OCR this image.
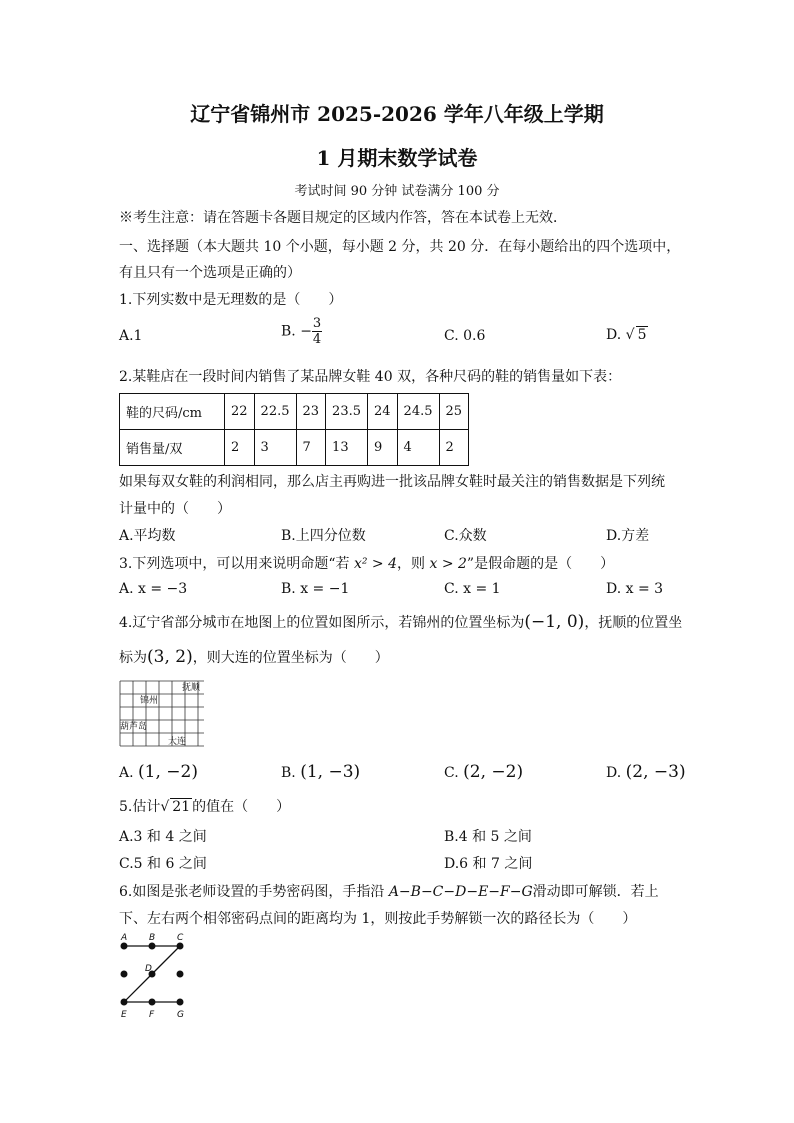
辽宁省锦州市 2025-2026 学年八年级上学期
1 月期末数学试卷
考试时间 90 分钟 试卷满分 100 分
※考生注意：请在答题卡各题目规定的区域内作答，答在本试卷上无效．
一、选择题（本大题共 10 个小题，每小题 2 分，共 20 分．在每小题给出的四个选项中，
有且只有一个选项是正确的）
1.下列实数中是无理数的是（　　）
A.1	B. − $\frac{3}{4}$	C. 0.6	D. √ 5
2.某鞋店在一段时间内销售了某品牌女鞋 40 双，各种尺码的鞋的销售量如下表：
鞋的尺码/cm	22	22.5	23	23.5	24	24.5	25
销售量/双	2	3	7	13	9	4	2
如果每双女鞋的利润相同，那么店主再购进一批该品牌女鞋时最关注的销售数据是下列统
计量中的（　　）
A.平均数	B.上四分位数	C.众数	D.方差
3.下列选项中，可以用来说明命题“若 x² > 4，则 x > 2”是假命题的是（　　）
A. x = −3	B. x = −1	C. x = 1	D. x = 3
4.辽宁省部分城市在地图上的位置如图所示，若锦州的位置坐标为(−1, 0)，抚顺的位置坐
标为(3, 2)，则大连的位置坐标为（　　）
抚顺
锦州
葫芦岛
大连
A. (1, −2)	B. (1, −3)	C. (2, −2)	D. (2, −3)
5.估计√ 21 的值在（　　）
A.3 和 4 之间	B.4 和 5 之间
C.5 和 6 之间	D.6 和 7 之间
6.如图是张老师设置的手势密码图，手指沿 A−B−C−D−E−F−G滑动即可解锁．若上
下、左右两个相邻密码点间的距离均为 1，则按此手势解锁一次的路径长为（　　）
A B C
D
E F	G
